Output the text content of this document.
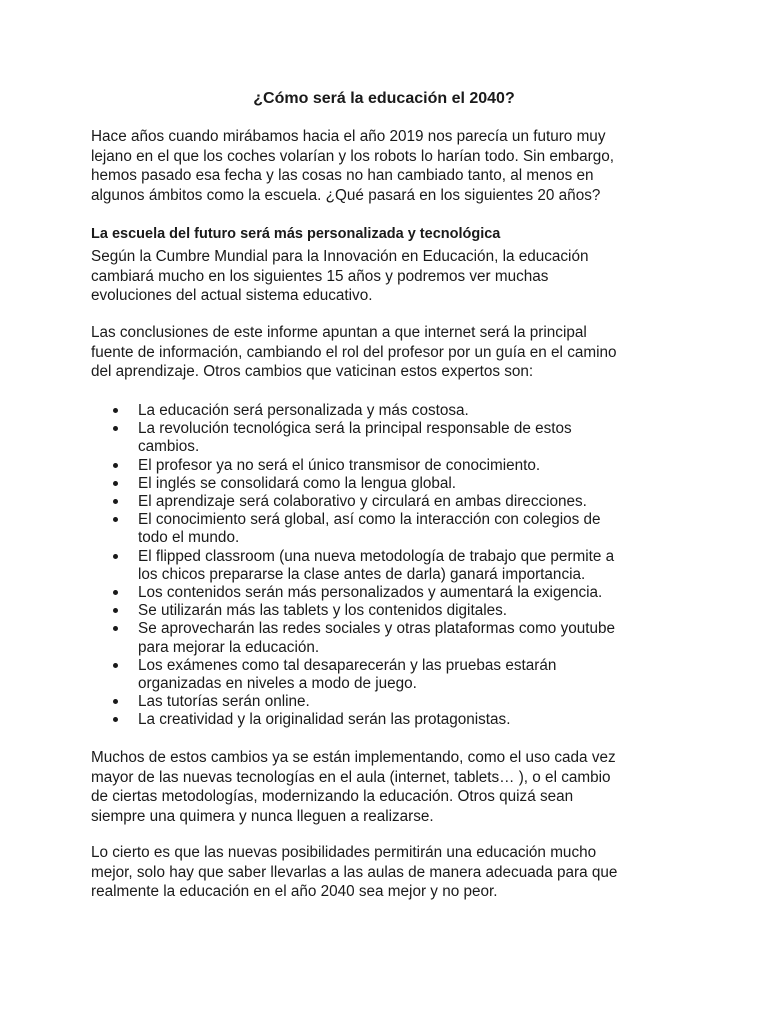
¿Cómo será la educación el 2040?

Hace años cuando mirábamos hacia el año 2019 nos parecía un futuro muy
lejano en el que los coches volarían y los robots lo harían todo. Sin embargo,
hemos pasado esa fecha y las cosas no han cambiado tanto, al menos en
algunos ámbitos como la escuela. ¿Qué pasará en los siguientes 20 años?

La escuela del futuro será más personalizada y tecnológica

Según la Cumbre Mundial para la Innovación en Educación, la educación
cambiará mucho en los siguientes 15 años y podremos ver muchas
evoluciones del actual sistema educativo.

Las conclusiones de este informe apuntan a que internet será la principal
fuente de información, cambiando el rol del profesor por un guía en el camino
del aprendizaje. Otros cambios que vaticinan estos expertos son:

La educación será personalizada y más costosa.
La revolución tecnológica será la principal responsable de estos
cambios.
El profesor ya no será el único transmisor de conocimiento.
El inglés se consolidará como la lengua global.
El aprendizaje será colaborativo y circulará en ambas direcciones.
El conocimiento será global, así como la interacción con colegios de
todo el mundo.
El flipped classroom (una nueva metodología de trabajo que permite a
los chicos prepararse la clase antes de darla) ganará importancia.
Los contenidos serán más personalizados y aumentará la exigencia.
Se utilizarán más las tablets y los contenidos digitales.
Se aprovecharán las redes sociales y otras plataformas como youtube
para mejorar la educación.
Los exámenes como tal desaparecerán y las pruebas estarán
organizadas en niveles a modo de juego.
Las tutorías serán online.
La creatividad y la originalidad serán las protagonistas.

Muchos de estos cambios ya se están implementando, como el uso cada vez
mayor de las nuevas tecnologías en el aula (internet, tablets… ), o el cambio
de ciertas metodologías, modernizando la educación. Otros quizá sean
siempre una quimera y nunca lleguen a realizarse.

Lo cierto es que las nuevas posibilidades permitirán una educación mucho
mejor, solo hay que saber llevarlas a las aulas de manera adecuada para que
realmente la educación en el año 2040 sea mejor y no peor.
